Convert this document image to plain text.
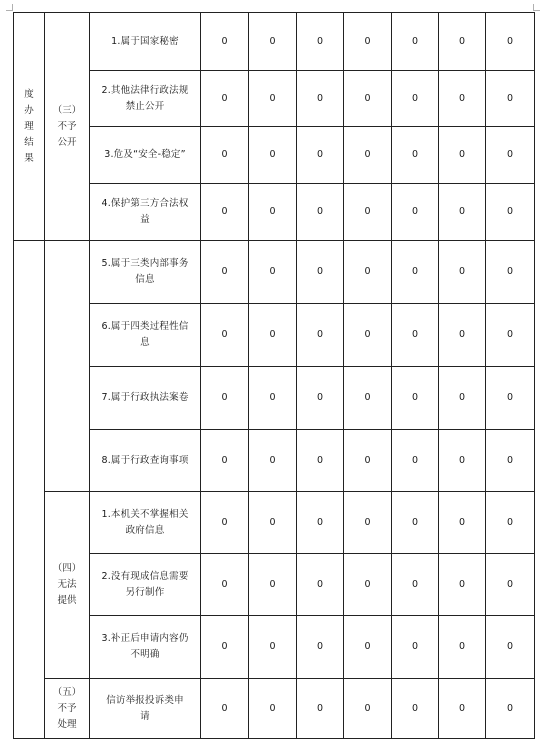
度
办
理
结
果	（三）
不予
公开	1.属于国家秘密	0	0	0	0	0	0	0

		2.其他法律行政法规
禁止公开	0	0	0	0	0	0	0

		3.危及“安全-稳定”	0	0	0	0	0	0	0

		4.保护第三方合法权
益	0	0	0	0	0	0	0

		5.属于三类内部事务
信息	0	0	0	0	0	0	0

		6.属于四类过程性信
息	0	0	0	0	0	0	0

		7.属于行政执法案卷	0	0	0	0	0	0	0

		8.属于行政查询事项	0	0	0	0	0	0	0

	（四）
无法
提供	1.本机关不掌握相关
政府信息	0	0	0	0	0	0	0

		2.没有现成信息需要
另行制作	0	0	0	0	0	0	0

		3.补正后申请内容仍
不明确	0	0	0	0	0	0	0

	（五）
不予
处理	信访举报投诉类申
请	0	0	0	0	0	0	0
